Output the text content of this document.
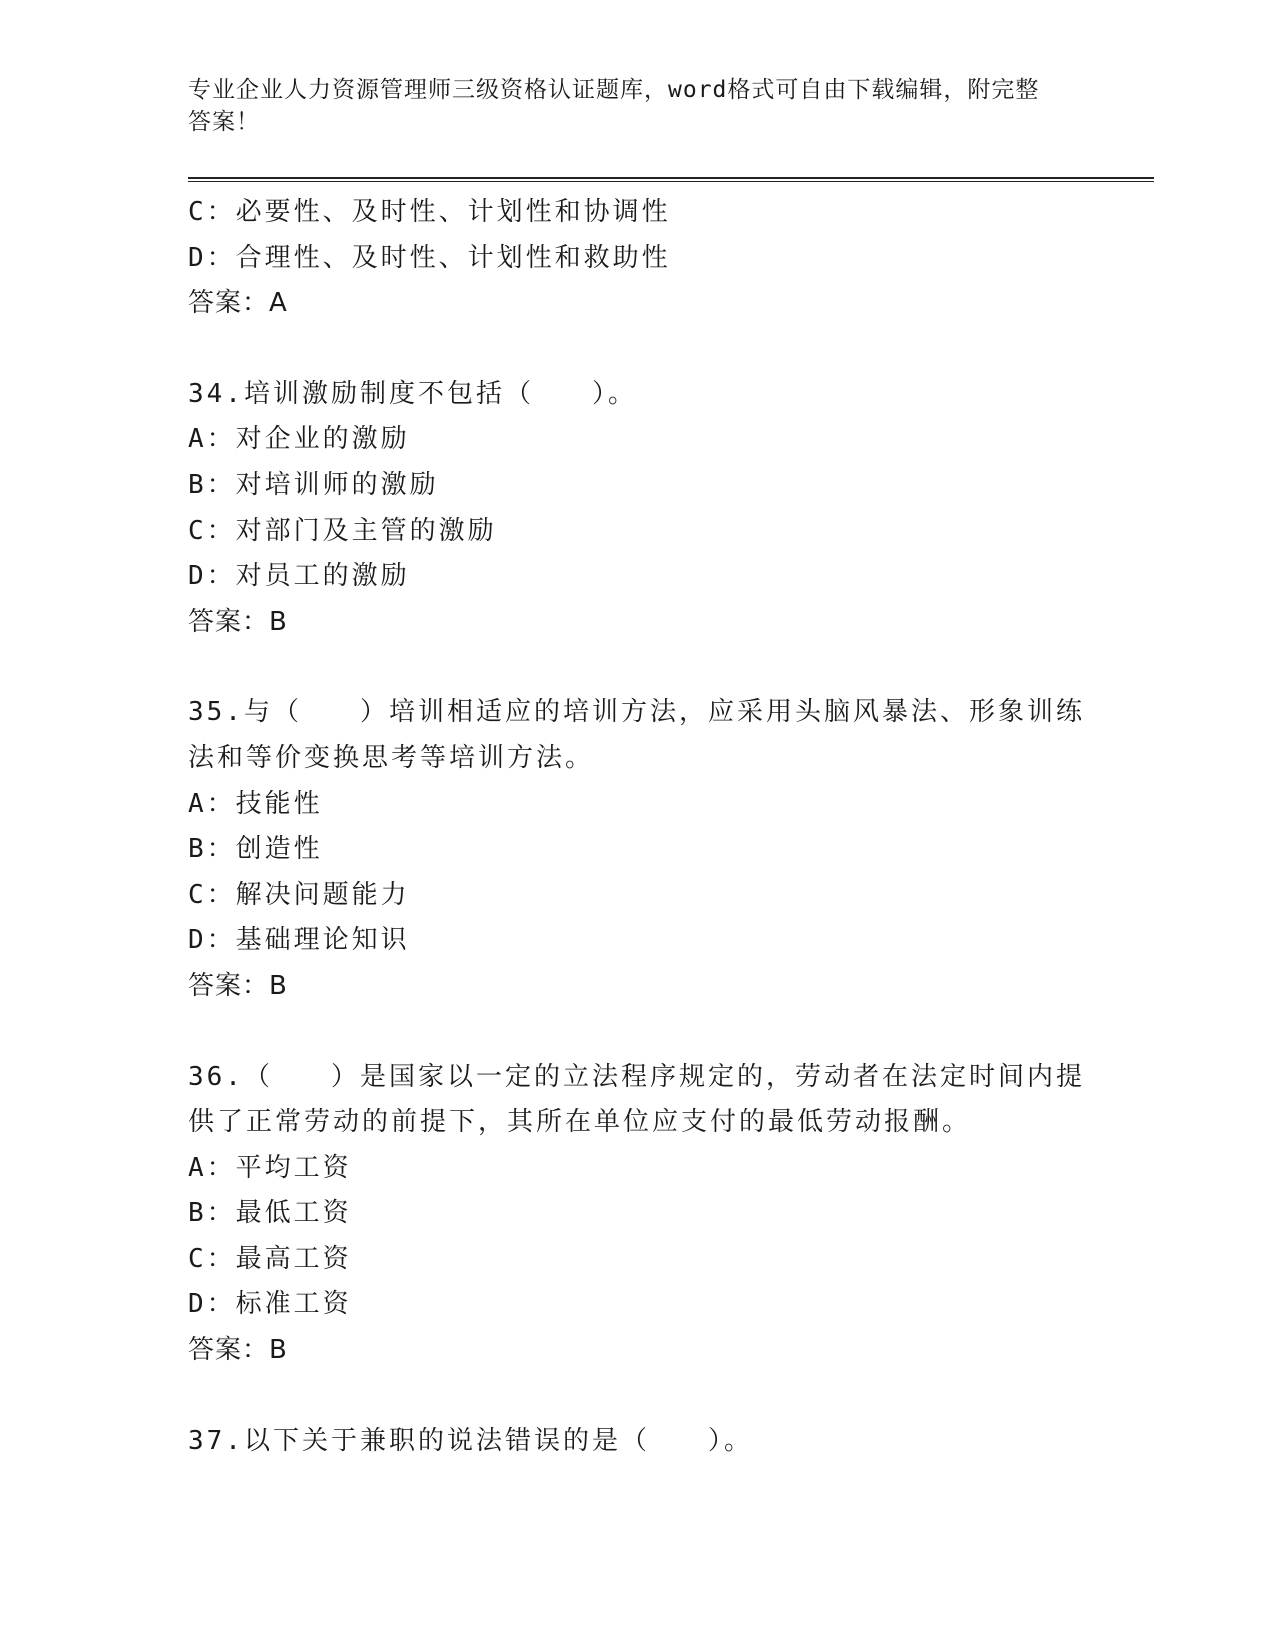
专业企业人力资源管理师三级资格认证题库，word格式可自由下载编辑，附完整
答案！
C：必要性、及时性、计划性和协调性
D：合理性、及时性、计划性和救助性
答案：A
34.培训激励制度不包括（　　）。
A：对企业的激励
B：对培训师的激励
C：对部门及主管的激励
D：对员工的激励
答案：B
35.与（　　）培训相适应的培训方法，应采用头脑风暴法、形象训练
法和等价变换思考等培训方法。
A：技能性
B：创造性
C：解决问题能力
D：基础理论知识
答案：B
36.（　　）是国家以一定的立法程序规定的，劳动者在法定时间内提
供了正常劳动的前提下，其所在单位应支付的最低劳动报酬。
A：平均工资
B：最低工资
C：最高工资
D：标准工资
答案：B
37.以下关于兼职的说法错误的是（　　）。
